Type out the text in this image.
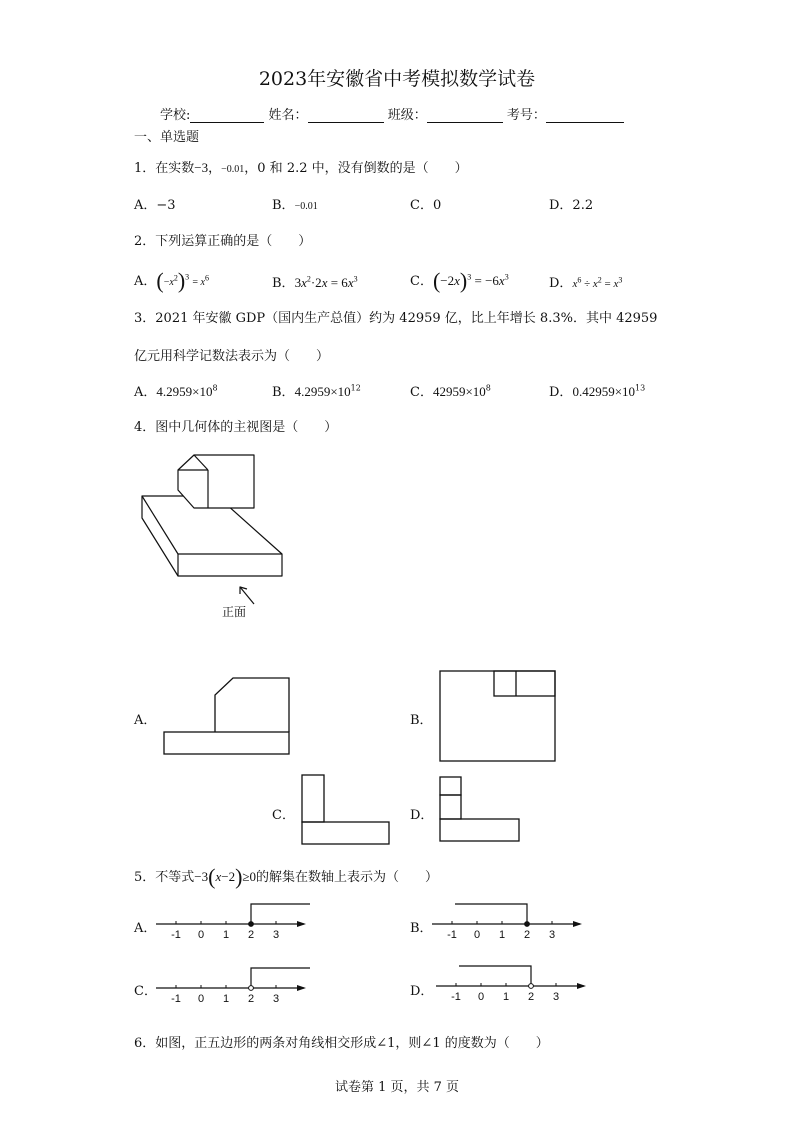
2023年安徽省中考模拟数学试卷
学校:	姓名：	班级：	考号：
一、单选题
1．在实数−3，−0.01，0 和 2.2 中，没有倒数的是（　　）
A．−3	B．−0.01	C．0	D．2.2
2．下列运算正确的是（　　）
A．$(-x^2)^3 = x^6$	B．$3x^2\cdot 2x = 6x^3$	C．$(-2x)^3 = -6x^3$	D．$x^6 \div x^2 = x^3$
3．2021 年安徽 GDP（国内生产总值）约为 42959 亿，比上年增长 8.3%．其中 42959
亿元用科学记数法表示为（　　）
A．$4.2959\times 10^8$	B．$4.2959\times 10^{12}$	C．$42959\times 10^8$	D．$0.42959\times 10^{13}$
4．图中几何体的主视图是（　　）
正面
A．	B．
C．	D．
5．不等式−3(x−2)≥0的解集在数轴上表示为（　　）
A． -1 0 1 2 3	B． -1 0 1 2 3
C． -1 0 1 2 3	D． -1 0 1 2 3
6．如图，正五边形的两条对角线相交形成∠1，则∠1 的度数为（　　）
试卷第 1 页，共 7 页
